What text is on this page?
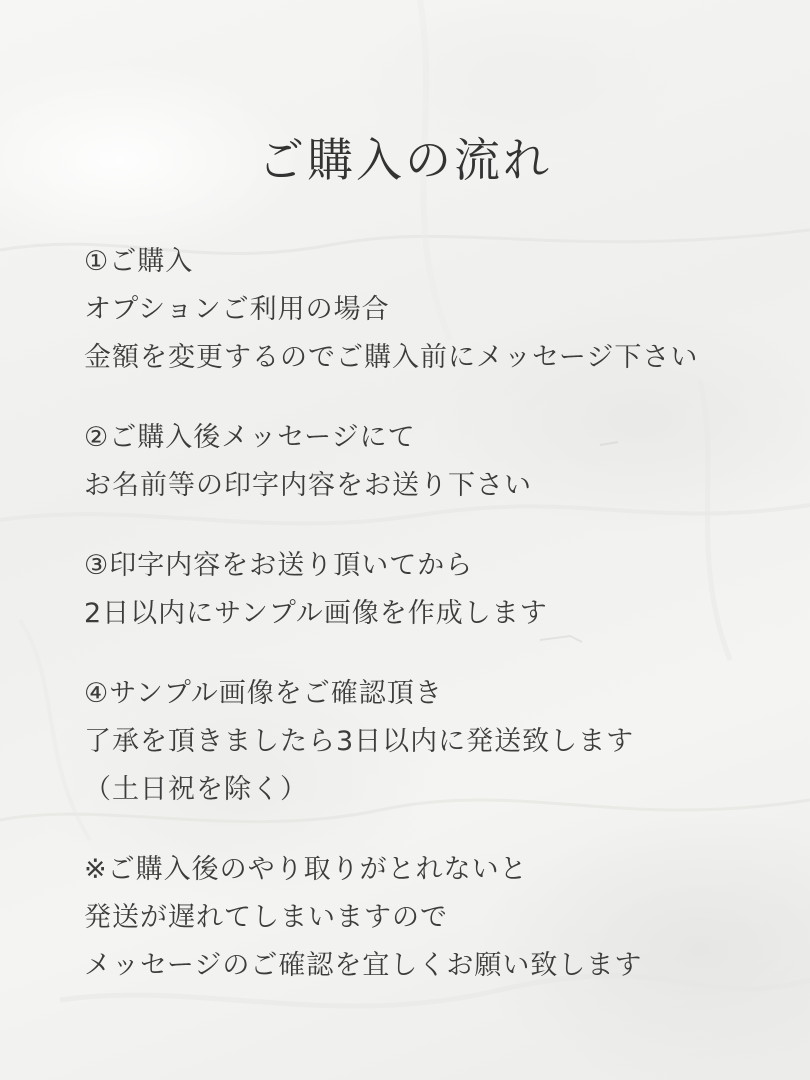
ご購入の流れ
①ご購入
オプションご利用の場合
金額を変更するのでご購入前にメッセージ下さい
②ご購入後メッセージにて
お名前等の印字内容をお送り下さい
③印字内容をお送り頂いてから
2日以内にサンプル画像を作成します
④サンプル画像をご確認頂き
了承を頂きましたら3日以内に発送致します
（土日祝を除く）
※ご購入後のやり取りがとれないと
発送が遅れてしまいますので
メッセージのご確認を宜しくお願い致します
